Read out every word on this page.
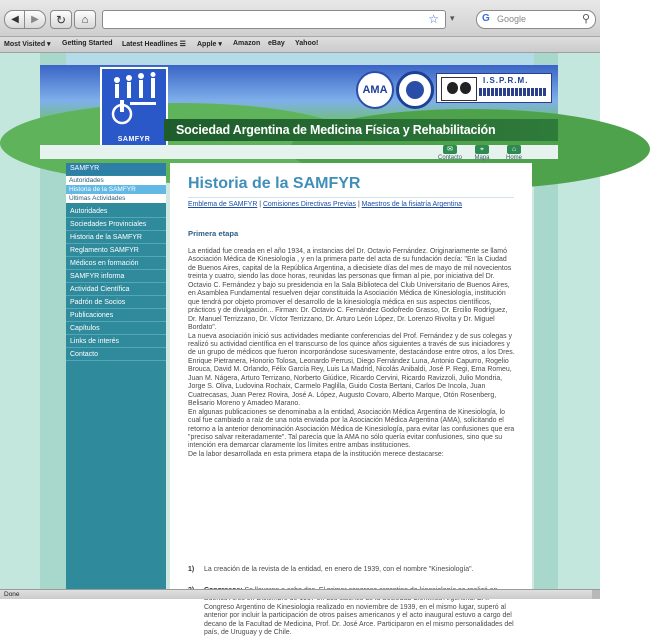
◀ ▶ ↻ ⌂	☆ ▾	G Google	⚲
Most Visited ▾ Getting Started Latest Headlines ☰ Apple ▾ Amazon eBay Yahoo!
SAMFYR
Sociedad Argentina de Medicina Física y Rehabilitación
AMA
I.S.P.R.M.
✉
Contacto
⌖
Mapa
⌂
Home
SAMFYR
Autoridades
Historia de la SAMFYR
Últimas Actividades
Autoridades
Sociedades Provinciales
Historia de la SAMFYR
Reglamento SAMFYR
Médicos en formación
SAMFYR informa
Actividad Científica
Padrón de Socios
Publicaciones
Capítulos
Links de interés
Contacto
Historia de la SAMFYR
Emblema de SAMFYR | Comisiones Directivas Previas | Maestros de la fisiatría Argentina
Primera etapa

La entidad fue creada en el año 1934, a instancias del Dr. Octavio Fernández. Originariamente se llamó Asociación Médica de Kinesiología , y en la primera parte del acta de su fundación decía: "En la Ciudad de Buenos Aires, capital de la República Argentina, a diecisiete días del mes de mayo de mil novecientos treinta y cuatro, siendo las doce horas, reunidas las personas que firman al pie, por iniciativa del Dr. Octavio C. Fernández y bajo su presidencia en la Sala Biblioteca del Club Universitario de Buenos Aires, en Asamblea Fundamental resuelven dejar constituida la Asociación Médica de Kinesiología, institución que tendrá por objeto promover el desarrollo de la kinesiología médica en sus aspectos científicos, prácticos y de divulgación... Firman: Dr. Octavio C. Fernández Godofredo Grasso, Dr. Ercilio Rodríguez, Dr. Manuel Terrizzano, Dr. Víctor Terrizzano, Dr. Arturo León López, Dr. Lorenzo Rivolta y Dr. Miguel Bordato".

La nueva asociación inició sus actividades mediante conferencias del Prof. Fernández y de sus colegas y realizó su actividad científica en el transcurso de los quince años siguientes a través de sus iniciadores y de un grupo de médicos que fueron incorporándose sucesivamente, destacándose entre otros, a los Dres. Enrique Pietranera, Honorio Tolosa, Leonardo Perrusi, Diego Fernández Luna, Antonio Capurro, Rogelio Brouca, David M. Orlando, Félix García Rey, Luis La Madrid, Nicolás Anibaldi, José P. Regi, Ema Romeu, Juan M. Nágera, Arturo Terrizano, Norberto Giúdice, Ricardo Cervini, Ricardo Ravizzoli, Julio Mondria, Jorge S. Oliva, Ludovina Rochaix, Carmelo Paglilla, Guido Costa Bertani, Carlos De Incola, Juan Cuatrecasas, Juan Perez Rovira, José A. López, Augusto Covaro, Alberto Marque, Otón Rosenberg, Belisario Moreno y Amadeo Marano.

En algunas publicaciones se denominaba a la entidad, Asociación Médica Argentina de Kinesiología, lo cual fue cambiado a raíz de una nota enviada por la Asociación Médica Argentina (AMA), solicitando el retorno a la anterior denominación Asociación Médica de Kinesiología, para evitar las confusiones que era "preciso salvar reiteradamente". Tal parecía que la AMA no sólo quería evitar confusiones, sino que su intención era demarcar claramente los límites entre ambas instituciones.

De la labor desarrollada en esta primera etapa de la institución merece destacarse:

1) La creación de la revista de la entidad, en enero de 1939, con el nombre "Kinesiología".
Congreso Argentino de Kinesiologia realizado en noviembre de 1939, en el mismo lugar, superó al anterior por incluir la participación de otros países americanos y el acto inaugural estuvo a cargo del decano de la Facultad de Medicina, Prof. Dr. José Arce. Participaron en el mismo personalidades del país, de Uruguay y de Chile.
Done
